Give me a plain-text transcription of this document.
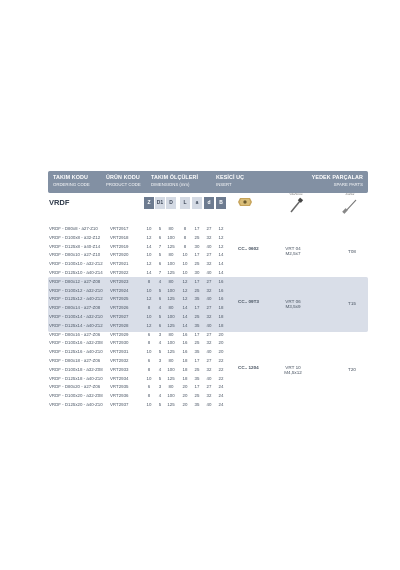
TAKIM KODU
ORDERING CODE
ÜRÜN KODU
PRODUCT CODE
TAKIM ÖLÇÜLERİ
DIMENSIONS (mm)
KESİCİ UÇ
INSERT
YEDEK PARÇALAR
SPARE PARTS
VRDF	Z	D1	D	L	a	d	B
Vida/Screw	Anahtar
VRDF - D80x8 - a27-Z10	VRT2917	10	5	80	8	17	27	12
VRDF - D100x8 - a32-Z12 VRT2918	12	6	100	8	25	32	12
VRDF - D125x8 - a40-Z14 VRT2919	14	7	125	8	30	40	12
VRDF - D80x10 - a27-Z10 VRT2920	10	5	80	10	17	27	14
VRDF - D100x10 - a32-Z12 VRT2921	12	6	100	10	25	32	14
VRDF - D125x10 - a40-Z14 VRT2922	14	7	125	10	30	40	14
CC.. 0602	VRT 04 M2,5x7
T08
VRDF - D80x12 - a27-Z08 VRT2923	8	4	80	12	17	27	16
VRDF - D100x12 - a32-Z10 VRT2924	10	5	100	12	25	32	16
VRDF - D125x12 - a40-Z12 VRT2925	12	6	125	12	35	40	16
VRDF - D80x14 - a27-Z08 VRT2926	8	4	80	14	17	27	18
VRDF - D100x14 - a32-Z10 VRT2927	10	5	100	14	25	32	18
VRDF - D125x14 - a40-Z12 VRT2928	12	6	125	14	35	40	18
CC.. 09T3	VRT 06 M3,5x9
T15
VRDF - D80x16 - a27-Z06 VRT2929	6	3	80	16	17	27	20
VRDF - D100x16 - a32-Z08 VRT2930	8	4	100	16	25	32	20
VRDF - D125x16 - a40-Z10 VRT2931	10	5	125	16	35	40	20
VRDF - D80x18 - a27-Z06 VRT2932	6	3	80	18	17	27	22
VRDF - D100x18 - a32-Z08 VRT2933	8	4	100	18	25	32	22
VRDF - D125x18 - a40-Z10 VRT2934	10	5	125	18	35	40	22
VRDF - D80x20 - a27-Z06 VRT2935	6	3	80	20	17	27	24
VRDF - D100x20 - a32-Z08 VRT2936	8	4	100	20	25	32	24
VRDF - D125x20 - a40-Z10 VRT2937	10	5	125	20	35	40	24
CC.. 1204	VRT 10 M4,5x12
T20
